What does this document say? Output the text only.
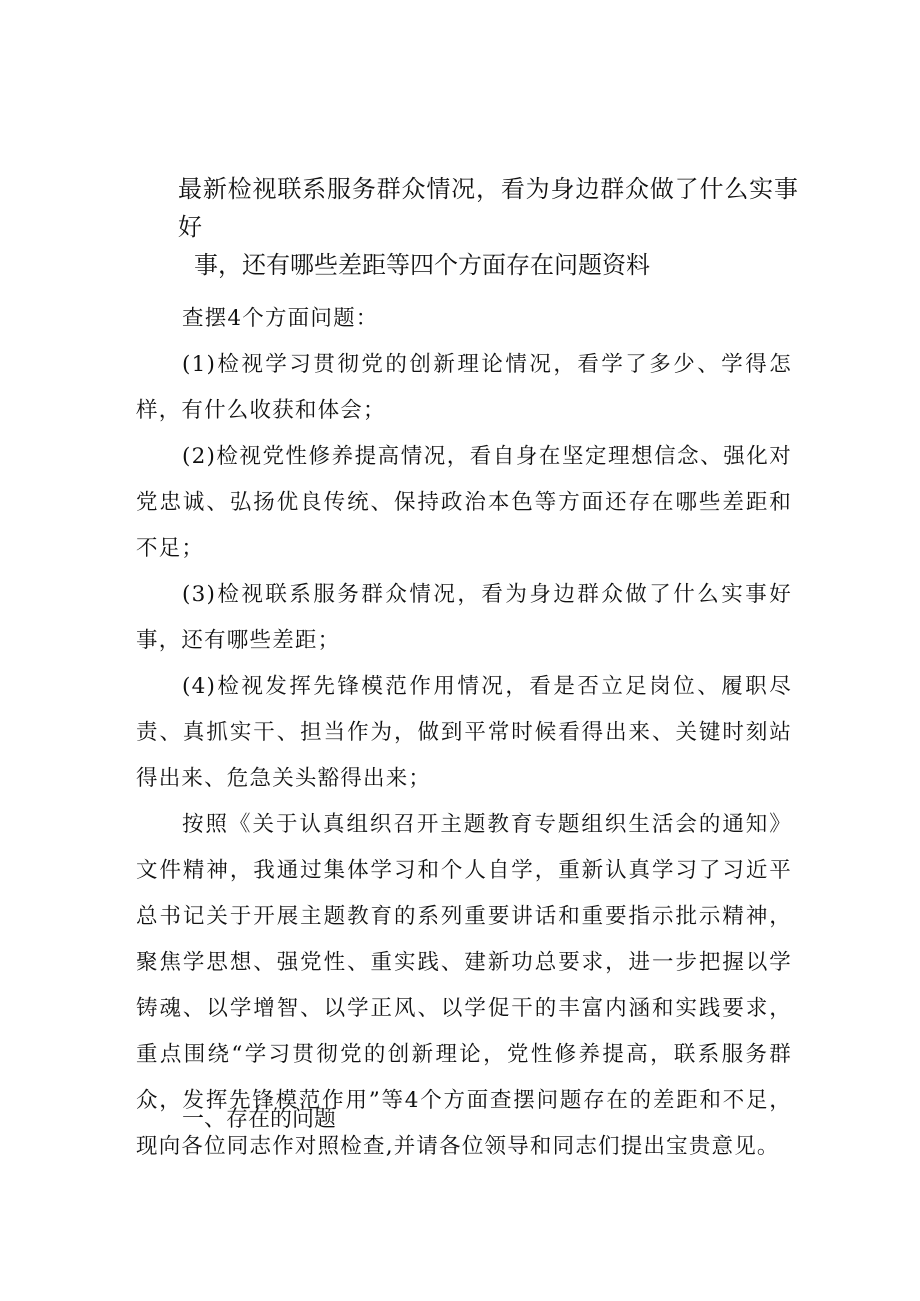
最新检视联系服务群众情况，看为身边群众做了什么实事好
事，还有哪些差距等四个方面存在问题资料

查摆4个方面问题：

(1)检视学习贯彻党的创新理论情况，看学了多少、学得怎样，有什么收获和体会；

(2)检视党性修养提高情况，看自身在坚定理想信念、强化对党忠诚、弘扬优良传统、保持政治本色等方面还存在哪些差距和不足；

(3)检视联系服务群众情况，看为身边群众做了什么实事好事，还有哪些差距；

(4)检视发挥先锋模范作用情况，看是否立足岗位、履职尽责、真抓实干、担当作为，做到平常时候看得出来、关键时刻站得出来、危急关头豁得出来；

按照《关于认真组织召开主题教育专题组织生活会的通知》文件精神，我通过集体学习和个人自学，重新认真学习了习近平总书记关于开展主题教育的系列重要讲话和重要指示批示精神，聚焦学思想、强党性、重实践、建新功总要求，进一步把握以学铸魂、以学增智、以学正风、以学促干的丰富内涵和实践要求，重点围绕“学习贯彻党的创新理论，党性修养提高，联系服务群众，发挥先锋模范作用”等4个方面查摆问题存在的差距和不足，现向各位同志作对照检查,并请各位领导和同志们提出宝贵意见。

一、存在的问题
